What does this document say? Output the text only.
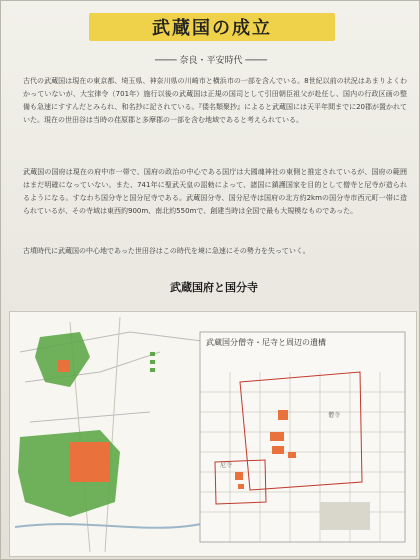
武蔵国の成立
──── 奈良・平安時代 ────

古代の武蔵国は現在の東京都、埼玉県、神奈川県の川崎市と横浜市の一部を含んでいる。8世紀以前の状況はあまりよくわかっていないが、大宝律令（701年）施行以後の武蔵国は正規の国司として引田朝臣祖父が赴任し、国内の行政区画の整備も急速にすすんだとみられ、和名抄に記されている。『倭名類聚抄』によると武蔵国には天平年間までに20郡が置かれていた。現在の世田谷は当時の荏原郡と多摩郡の一部を含む地域であると考えられている。

武蔵国の国府は現在の府中市一帯で、国府の政治の中心である国庁は大國魂神社の東側と推定されているが、国府の範囲はまだ明確になっていない。また、741年に聖武天皇の詔勅によって、諸国に鎮護国家を目的として僧寺と尼寺が造られるようになる。すなわち国分寺と国分尼寺である。武蔵国分寺、国分尼寺は国府の北方約2kmの国分寺市西元町一帯に造られているが、その寺域は東西約900m、南北約550mで、創建当時は全国で最も大規模なものであった。

古墳時代に武蔵国の中心地であった世田谷はこの時代を境に急速にその勢力を失っていく。

武蔵国府と国分寺
武蔵国分僧寺・尼寺と周辺の遺構
僧寺
尼寺
